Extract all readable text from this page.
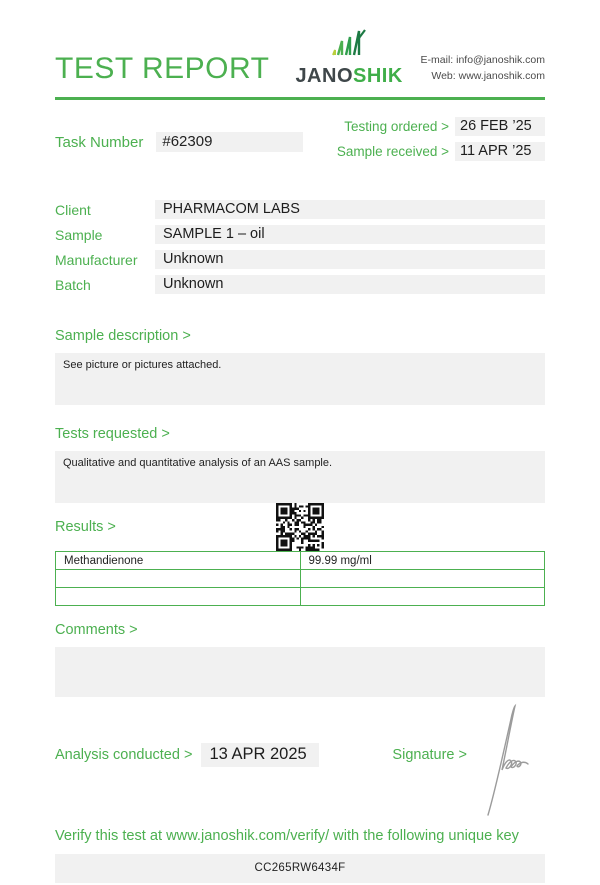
TEST REPORT JANOSHIK
E-mail: info@janoshik.com
Web: www.janoshik.com
Task Number	#62309
Testing ordered > 26 FEB ’25
Sample received > 11 APR ’25
Client	PHARMACOM LABS
Sample	SAMPLE 1 – oil
Manufacturer	Unknown
Batch	Unknown
Sample description >
See picture or pictures attached.
Tests requested >
Qualitative and quantitative analysis of an AAS sample.
Results >
Methandienone	99.99 mg/ml

Comments >
Analysis conducted >	13 APR 2025	Signature >
Verify this test at www.janoshik.com/verify/ with the following unique key
CC265RW6434F
